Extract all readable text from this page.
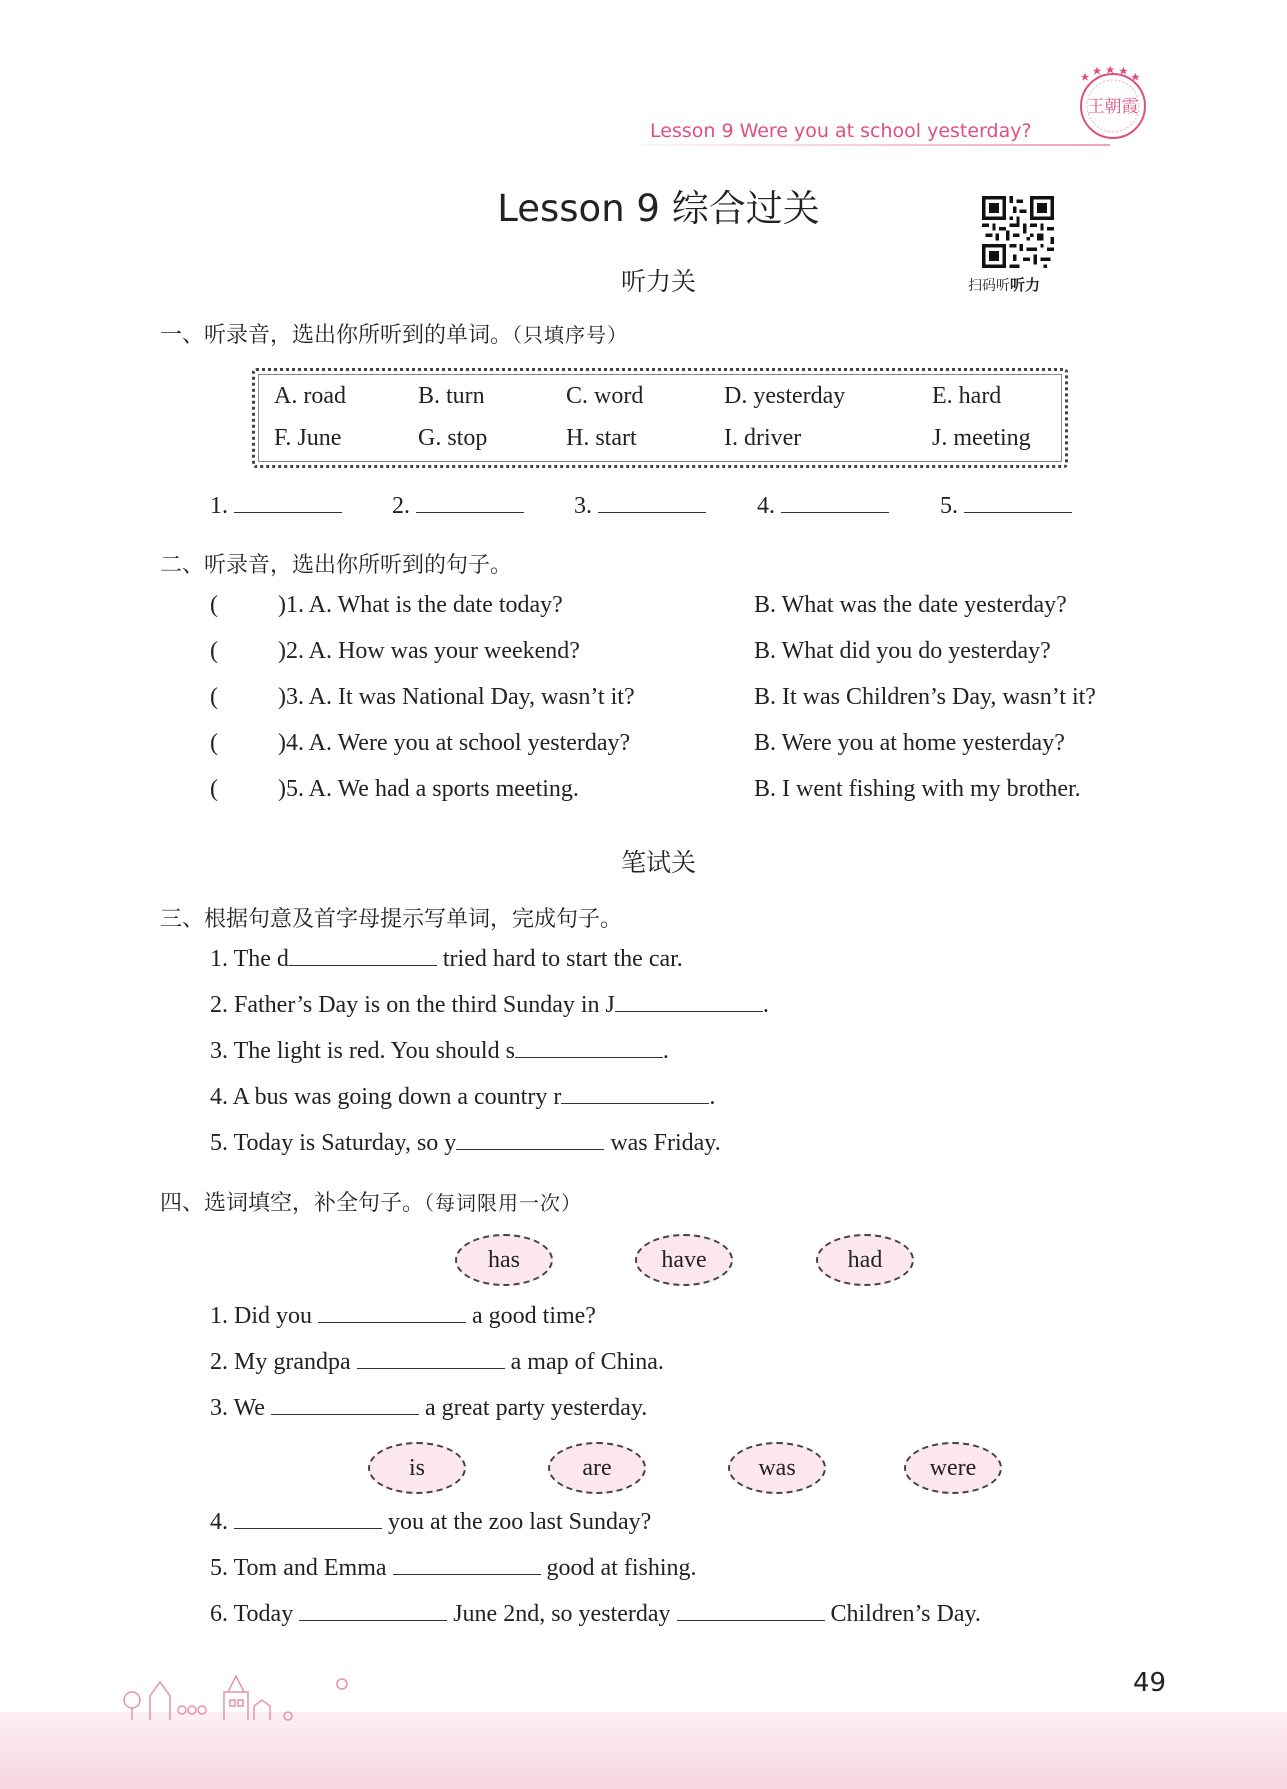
Lesson 9 Were you at school yesterday?
王朝霞
Lesson 9 综合过关
扫码听听力
听力关
一、听录音，选出你所听到的单词。（只填序号）
A. road	B. turn	C. word	D. yesterday	E. hard
F. June	G. stop	H. start	I. driver	J. meeting
1.	2.	3.	4.	5.
二、听录音，选出你所听到的句子。
(	)1. A. What is the date today?	B. What was the date yesterday?
(	)2. A. How was your weekend?	B. What did you do yesterday?
(	)3. A. It was National Day, wasn’t it?	B. It was Children’s Day, wasn’t it?
(	)4. A. Were you at school yesterday?	B. Were you at home yesterday?
(	)5. A. We had a sports meeting.	B. I went fishing with my brother.
笔试关
三、根据句意及首字母提示写单词，完成句子。
1. The d	tried hard to start the car.
2. Father’s Day is on the third Sunday in J	.
3. The light is red. You should s	.
4. A bus was going down a country r	.
5. Today is Saturday, so y	was Friday.
四、选词填空，补全句子。（每词限用一次）
has	have	had
1. Did you	a good time?
2. My grandpa	a map of China.
3. We	a great party yesterday.
is	are	was	were
4.	you at the zoo last Sunday?
5. Tom and Emma	good at fishing.
6. Today	June 2nd, so yesterday	Children’s Day.
49
